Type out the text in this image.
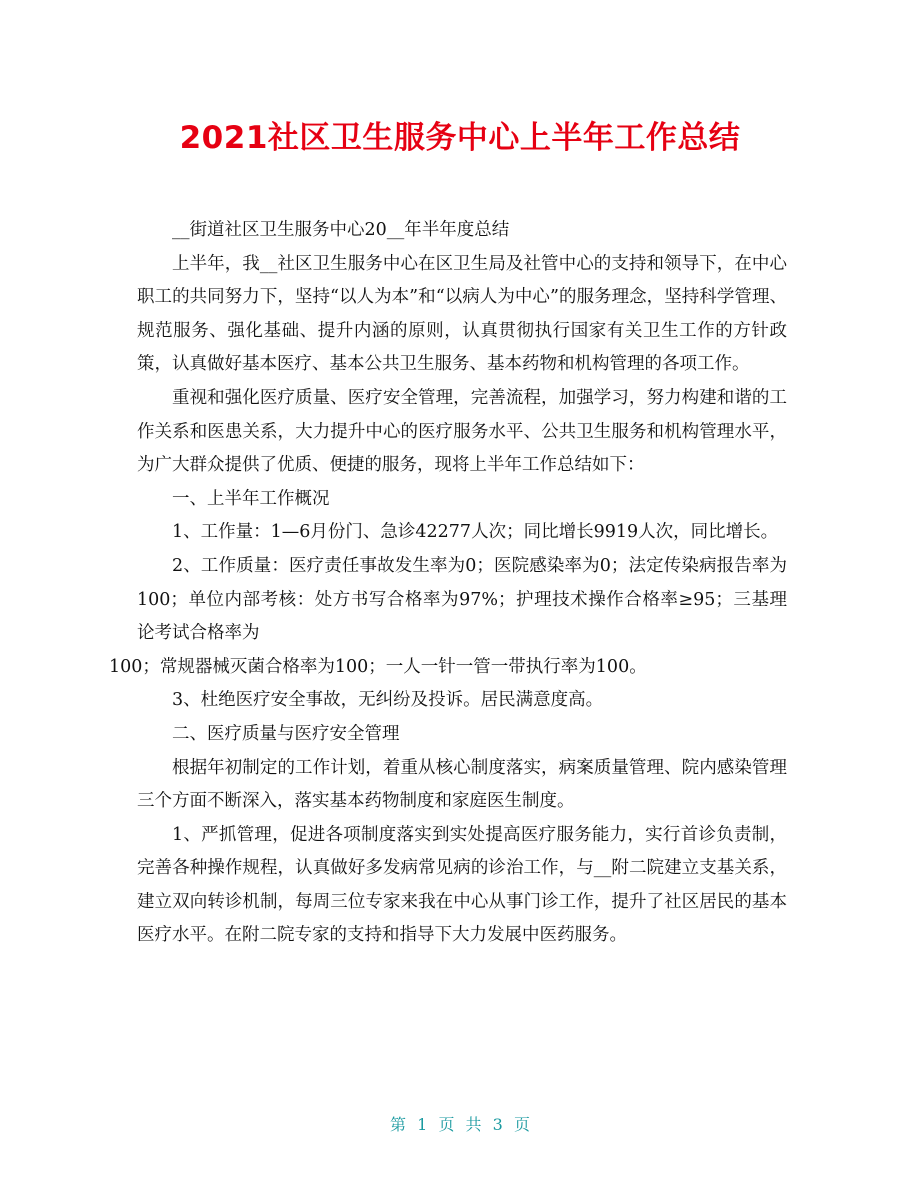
2021社区卫生服务中心上半年工作总结

__街道社区卫生服务中心20__年半年度总结

上半年，我__社区卫生服务中心在区卫生局及社管中心的支持和领导下，在中心职工的共同努力下，坚持“以人为本”和“以病人为中心”的服务理念，坚持科学管理、规范服务、强化基础、提升内涵的原则，认真贯彻执行国家有关卫生工作的方针政策，认真做好基本医疗、基本公共卫生服务、基本药物和机构管理的各项工作。

重视和强化医疗质量、医疗安全管理，完善流程，加强学习，努力构建和谐的工作关系和医患关系，大力提升中心的医疗服务水平、公共卫生服务和机构管理水平，为广大群众提供了优质、便捷的服务，现将上半年工作总结如下：

一、上半年工作概况

1、工作量：1—6月份门、急诊42277人次；同比增长9919人次，同比增长。

2、工作质量：医疗责任事故发生率为0；医院感染率为0；法定传染病报告率为100；单位内部考核：处方书写合格率为97%；护理技术操作合格率≥95；三基理论考试合格率为

100；常规器械灭菌合格率为100；一人一针一管一带执行率为100。

3、杜绝医疗安全事故，无纠纷及投诉。居民满意度高。

二、医疗质量与医疗安全管理

根据年初制定的工作计划，着重从核心制度落实，病案质量管理、院内感染管理三个方面不断深入，落实基本药物制度和家庭医生制度。

1、严抓管理，促进各项制度落实到实处提高医疗服务能力，实行首诊负责制，完善各种操作规程，认真做好多发病常见病的诊治工作，与__附二院建立支基关系，建立双向转诊机制，每周三位专家来我在中心从事门诊工作，提升了社区居民的基本医疗水平。在附二院专家的支持和指导下大力发展中医药服务。

第 1 页 共 3 页
